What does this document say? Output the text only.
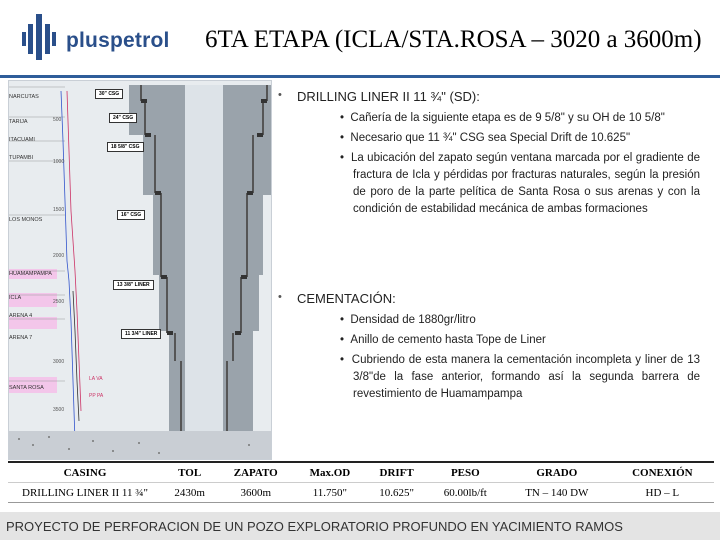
pluspetrol 6TA ETAPA (ICLA/STA.ROSA – 3020 a 3600m)
NARCUTAS
TARIJA
ITACUAMI
TUPAMBI
LOS MONOS
HUAMAMPAMPA
ICLA
ARENA 4
ARENA 7
SANTA ROSA
500
1000
1500
2000
2500
3000
3500
LA VA
PP PA
30" CSG
24" CSG
18 5/8" CSG
16" CSG
13 3/8" LINER
11 3/4" LINER
• DRILLING LINER II 11 ¾" (SD):
•  Cañería de la siguiente etapa es de 9 5/8" y su OH de 10 5/8"
•  Necesario que 11 ¾" CSG sea Special Drift de 10.625"
•  La ubicación del zapato según ventana marcada por el gradiente de fractura de Icla y pérdidas por fracturas naturales, según la presión de poro de la parte pelítica de Santa Rosa o sus arenas y con la condición de estabilidad mecánica de ambas formaciones
• CEMENTACIÓN:
•  Densidad de 1880gr/litro
•  Anillo de cemento hasta Tope de Liner
•  Cubriendo de esta manera la cementación incompleta y liner de 13 3/8"de la fase anterior, formando así la segunda barrera de revestimiento de Huamampampa
CASING	TOL	ZAPATO	Max.OD	DRIFT	PESO	GRADO	CONEXIÓN
DRILLING LINER II 11 ¾"	2430m	3600m	11.750"	10.625"	60.00lb/ft	TN – 140 DW	HD – L
PROYECTO DE PERFORACION DE UN POZO EXPLORATORIO PROFUNDO EN YACIMIENTO RAMOS
